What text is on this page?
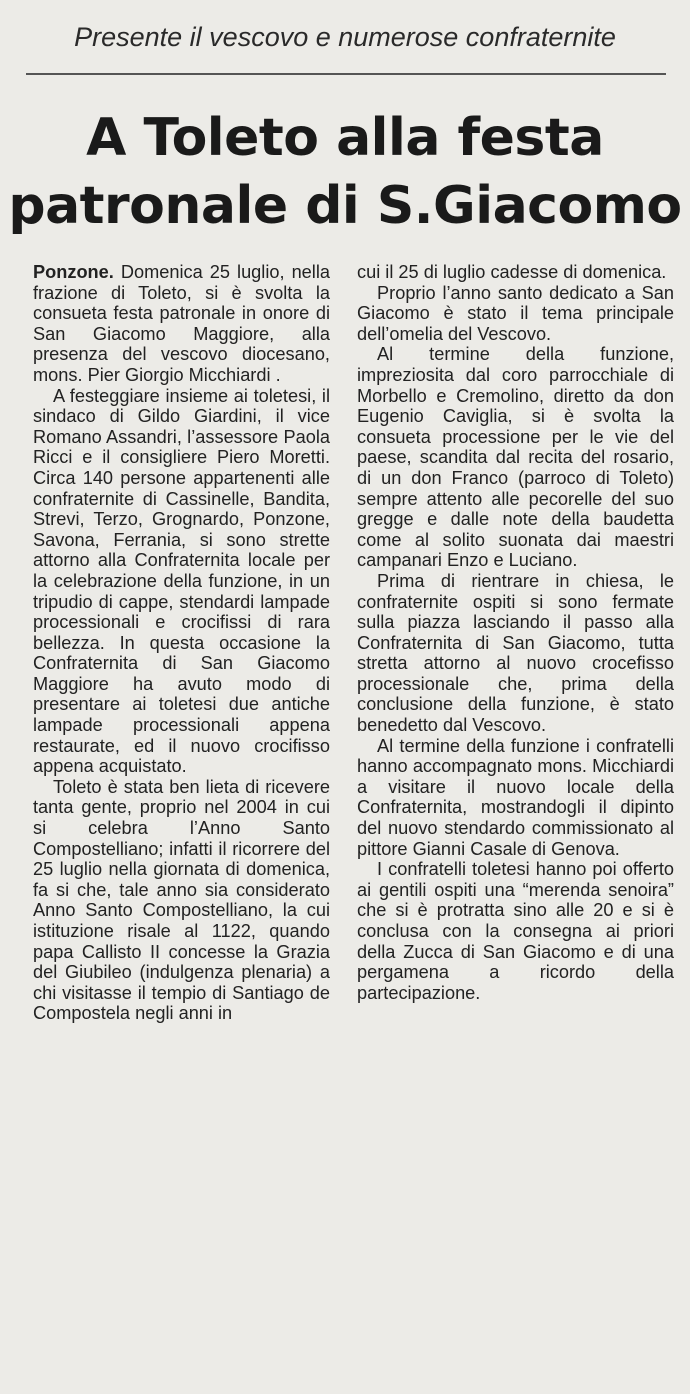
Presente il vescovo e numerose confraternite
A Toleto alla festa
patronale di S.Giacomo

Ponzone. Domenica 25 luglio, nella frazione di Toleto, si è svolta la consueta festa patronale in onore di San Giacomo Maggiore, alla presenza del vescovo diocesano, mons. Pier Giorgio Micchiardi .

A festeggiare insieme ai toletesi, il sindaco di Gildo Giardini, il vice Romano Assandri, l’assessore Paola Ricci e il consigliere Piero Moretti. Circa 140 persone appartenenti alle confraternite di Cassinelle, Bandita, Strevi, Terzo, Grognardo, Ponzone, Savona, Ferrania, si sono strette attorno alla Confraternita locale per la celebrazione della funzione, in un tripudio di cappe, stendardi lampade processionali e crocifissi di rara bellezza. In questa occasione la Confraternita di San Giacomo Maggiore ha avuto modo di presentare ai toletesi due antiche lampade processionali appena restaurate, ed il nuovo crocifisso appena acquistato.

Toleto è stata ben lieta di ricevere tanta gente, proprio nel 2004 in cui si celebra l’Anno Santo Compostelliano; infatti il ricorrere del 25 luglio nella giornata di domenica, fa si che, tale anno sia considerato Anno Santo Compostelliano, la cui istituzione risale al 1122, quando papa Callisto II concesse la Grazia del Giubileo (indulgenza plenaria) a chi visitasse il tempio di Santiago de Compostela negli anni in

cui il 25 di luglio cadesse di domenica.

Proprio l’anno santo dedicato a San Giacomo è stato il tema principale dell’omelia del Vescovo.

Al termine della funzione, impreziosita dal coro parrocchiale di Morbello e Cremolino, diretto da don Eugenio Caviglia, si è svolta la consueta processione per le vie del paese, scandita dal recita del rosario, di un don Franco (parroco di Toleto) sempre attento alle pecorelle del suo gregge e dalle note della baudetta come al solito suonata dai maestri campanari Enzo e Luciano.

Prima di rientrare in chiesa, le confraternite ospiti si sono fermate sulla piazza lasciando il passo alla Confraternita di San Giacomo, tutta stretta attorno al nuovo crocefisso processionale che, prima della conclusione della funzione, è stato benedetto dal Vescovo.

Al termine della funzione i confratelli hanno accompagnato mons. Micchiardi a visitare il nuovo locale della Confraternita, mostrandogli il dipinto del nuovo stendardo commissionato al pittore Gianni Casale di Genova.

I confratelli toletesi hanno poi offerto ai gentili ospiti una “merenda senoira” che si è protratta sino alle 20 e si è conclusa con la consegna ai priori della Zucca di San Giacomo e di una pergamena a ricordo della partecipazione.
